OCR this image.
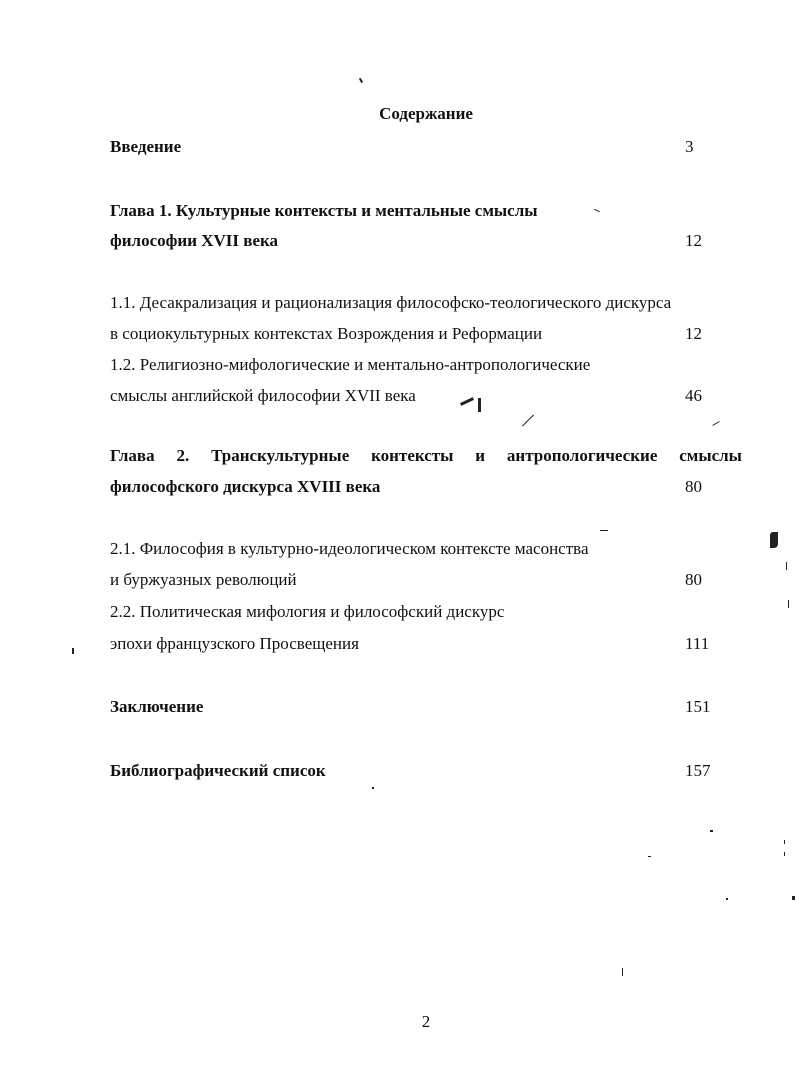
Содержание
Введение	3
Глава 1. Культурные контексты и ментальные смыслы
философии XVII века	12
1.1. Десакрализация и рационализация философско-теологического дискурса
в социокультурных контекстах Возрождения и Реформации	12
1.2. Религиозно-мифологические и ментально-антропологические
смыслы английской философии XVII века	46
Глава 2. Транскультурные контексты и антропологические смыслы
философского дискурса XVIII века	80
2.1. Философия в культурно-идеологическом контексте масонства
и буржуазных революций	80
2.2. Политическая мифология и философский дискурс
эпохи французского Просвещения	111
Заключение	151
Библиографический список	157
2
